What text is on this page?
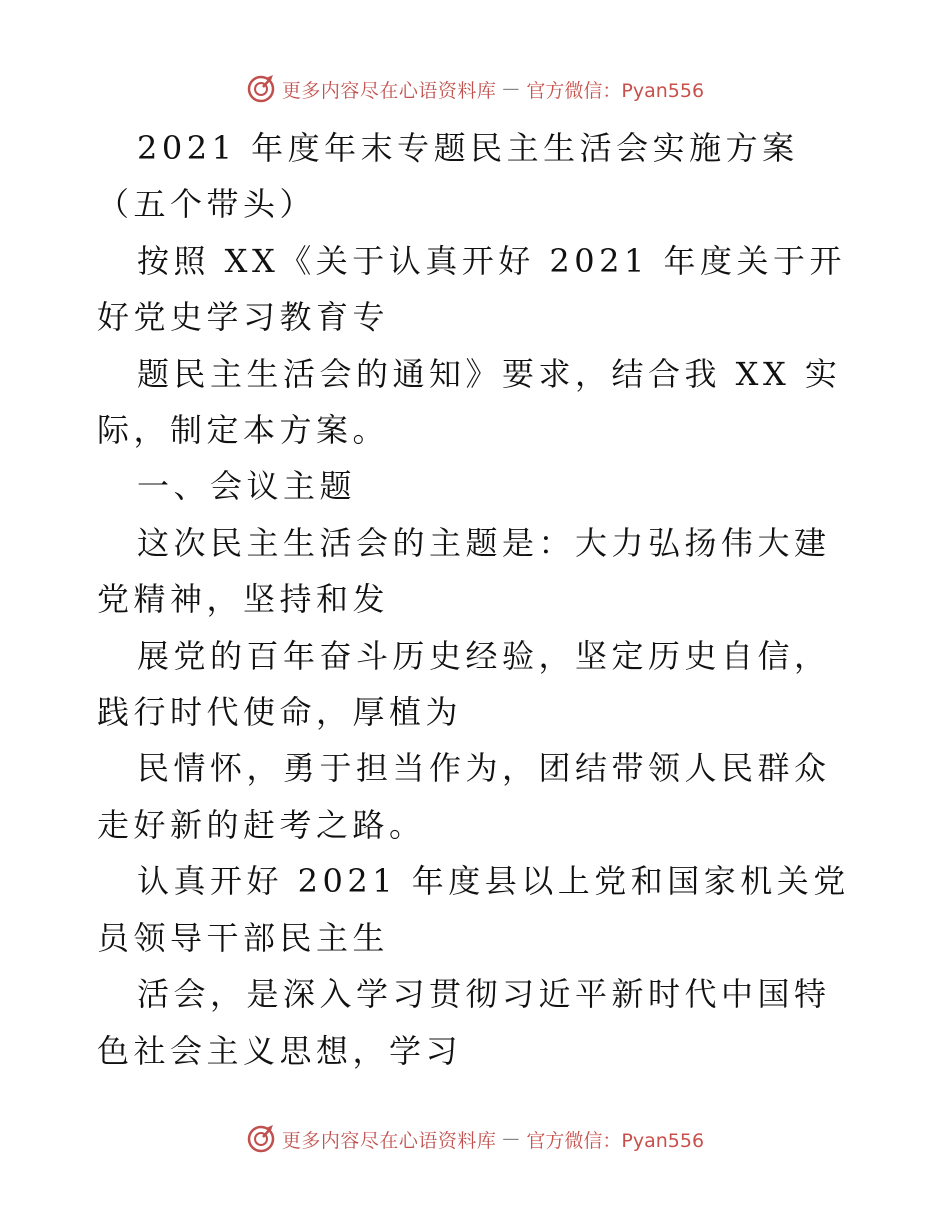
更多内容尽在心语资料库 — 官方微信：Pyan556

2021 年度年末专题民主生活会实施方案（五个带头）

按照 XX《关于认真开好 2021 年度关于开好党史学习教育专

题民主生活会的通知》要求，结合我 XX 实际，制定本方案。

一、会议主题

这次民主生活会的主题是：大力弘扬伟大建党精神，坚持和发

展党的百年奋斗历史经验，坚定历史自信，践行时代使命，厚植为

民情怀，勇于担当作为，团结带领人民群众走好新的赶考之路。

认真开好 2021 年度县以上党和国家机关党员领导干部民主生

活会，是深入学习贯彻习近平新时代中国特色社会主义思想，学习

更多内容尽在心语资料库 — 官方微信：Pyan556
